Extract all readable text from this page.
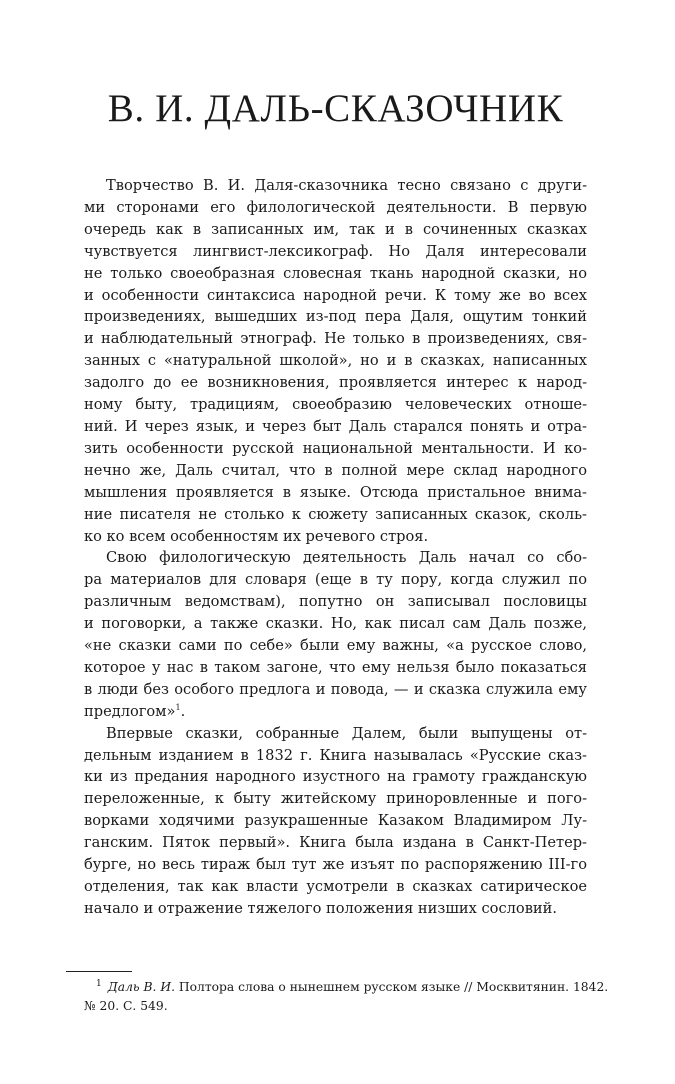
В. И. ДАЛЬ-СКАЗОЧНИК
Творчество В. И. Даля-сказочника тесно связано с други-
ми сторонами его филологической деятельности. В первую
очередь как в записанных им, так и в сочиненных сказках
чувствуется лингвист-лексикограф. Но Даля интересовали
не только своеобразная словесная ткань народной сказки, но
и особенности синтаксиса народной речи. К тому же во всех
произведениях, вышедших из-под пера Даля, ощутим тонкий
и наблюдательный этнограф. Не только в произведениях, свя-
занных с «натуральной школой», но и в сказках, написанных
задолго до ее возникновения, проявляется интерес к народ-
ному быту, традициям, своеобразию человеческих отноше-
ний. И через язык, и через быт Даль старался понять и отра-
зить особенности русской национальной ментальности. И ко-
нечно же, Даль считал, что в полной мере склад народного
мышления проявляется в языке. Отсюда пристальное внима-
ние писателя не столько к сюжету записанных сказок, сколь-
ко ко всем особенностям их речевого строя.
Свою филологическую деятельность Даль начал со сбо-
ра материалов для словаря (еще в ту пору, когда служил по
различным ведомствам), попутно он записывал пословицы
и поговорки, а также сказки. Но, как писал сам Даль позже,
«не сказки сами по себе» были ему важны, «а русское слово,
которое у нас в таком загоне, что ему нельзя было показаться
в люди без особого предлога и повода, — и сказка служила ему
предлогом»$^1$.
Впервые сказки, собранные Далем, были выпущены от-
дельным изданием в 1832 г. Книга называлась «Русские сказ-
ки из предания народного изустного на грамоту гражданскую
переложенные, к быту житейскому приноровленные и пого-
ворками ходячими разукрашенные Казаком Владимиром Лу-
ганским. Пяток первый». Книга была издана в Санкт-Петер-
бурге, но весь тираж был тут же изъят по распоряжению III-го
отделения, так как власти усмотрели в сказках сатирическое
начало и отражение тяжелого положения низших сословий.
$^1$ Даль В. И. Полтора слова о нынешнем русском языке // Москвитянин. 1842.
№ 20. С. 549.
